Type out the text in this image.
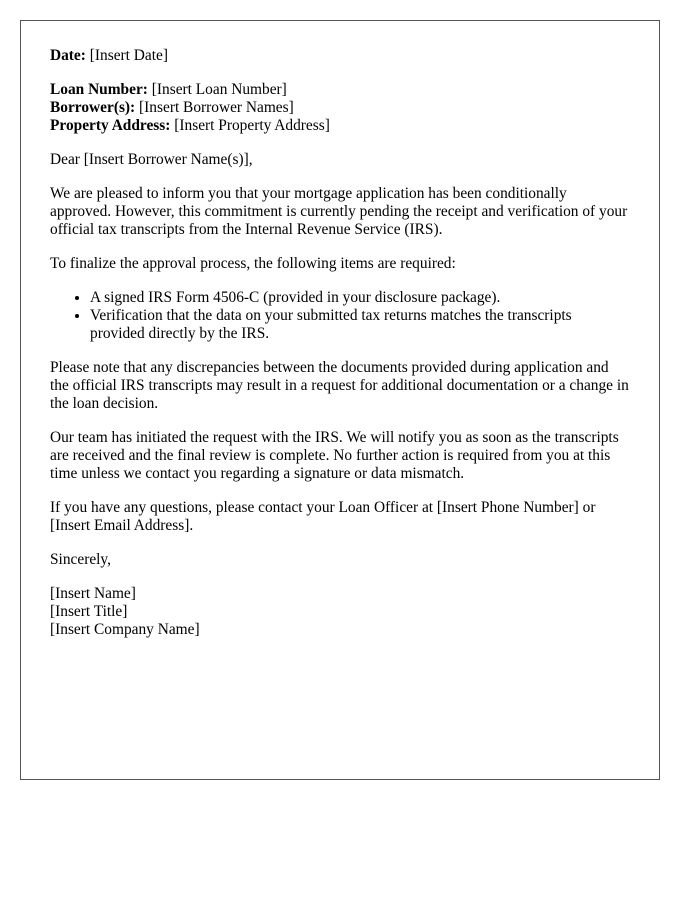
Date: [Insert Date]

Loan Number: [Insert Loan Number]
Borrower(s): [Insert Borrower Names]
Property Address: [Insert Property Address]

Dear [Insert Borrower Name(s)],

We are pleased to inform you that your mortgage application has been conditionally approved. However, this commitment is currently pending the receipt and verification of your official tax transcripts from the Internal Revenue Service (IRS).

To finalize the approval process, the following items are required:

• A signed IRS Form 4506-C (provided in your disclosure package).
• Verification that the data on your submitted tax returns matches the transcripts provided directly by the IRS.

Please note that any discrepancies between the documents provided during application and the official IRS transcripts may result in a request for additional documentation or a change in the loan decision.

Our team has initiated the request with the IRS. We will notify you as soon as the transcripts are received and the final review is complete. No further action is required from you at this time unless we contact you regarding a signature or data mismatch.

If you have any questions, please contact your Loan Officer at [Insert Phone Number] or [Insert Email Address].

Sincerely,

[Insert Name]
[Insert Title]
[Insert Company Name]
